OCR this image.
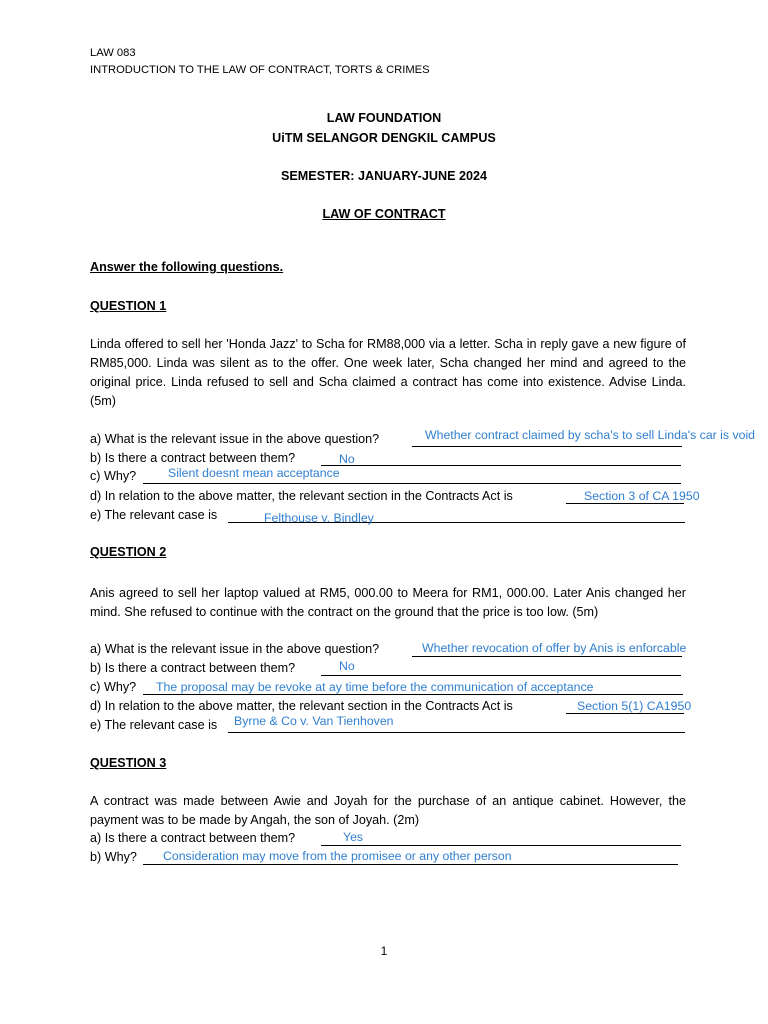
LAW 083
INTRODUCTION TO THE LAW OF CONTRACT, TORTS & CRIMES
LAW FOUNDATION
UiTM SELANGOR DENGKIL CAMPUS
SEMESTER: JANUARY-JUNE 2024
LAW OF CONTRACT
Answer the following questions.
QUESTION 1
Linda offered to sell her 'Honda Jazz' to Scha for RM88,000 via a letter. Scha in reply gave a new figure of RM85,000. Linda was silent as to the offer. One week later, Scha changed her mind and agreed to the original price. Linda refused to sell and Scha claimed a contract has come into existence. Advise Linda. (5m)
a) What is the relevant issue in the above question?	Whether contract claimed by scha's to sell Linda's car is void
b) Is there a contract between them?	No
c) Why?	Silent doesnt mean acceptance
d) In relation to the above matter, the relevant section in the Contracts Act is	Section 3 of CA 1950
e) The relevant case is	Felthouse v. Bindley
QUESTION 2
Anis agreed to sell her laptop valued at RM5, 000.00 to Meera for RM1, 000.00. Later Anis changed her mind. She refused to continue with the contract on the ground that the price is too low. (5m)
a) What is the relevant issue in the above question?	Whether revocation of offer by Anis is enforcable
b) Is there a contract between them?	No
c) Why? The proposal may be revoke at ay time before the communication of acceptance
d) In relation to the above matter, the relevant section in the Contracts Act is	Section 5(1) CA1950
e) The relevant case is Byrne & Co v. Van Tienhoven
QUESTION 3
A contract was made between Awie and Joyah for the purchase of an antique cabinet. However, the payment was to be made by Angah, the son of Joyah. (2m)
a) Is there a contract between them?	Yes
b) Why? Consideration may move from the promisee or any other person
1
